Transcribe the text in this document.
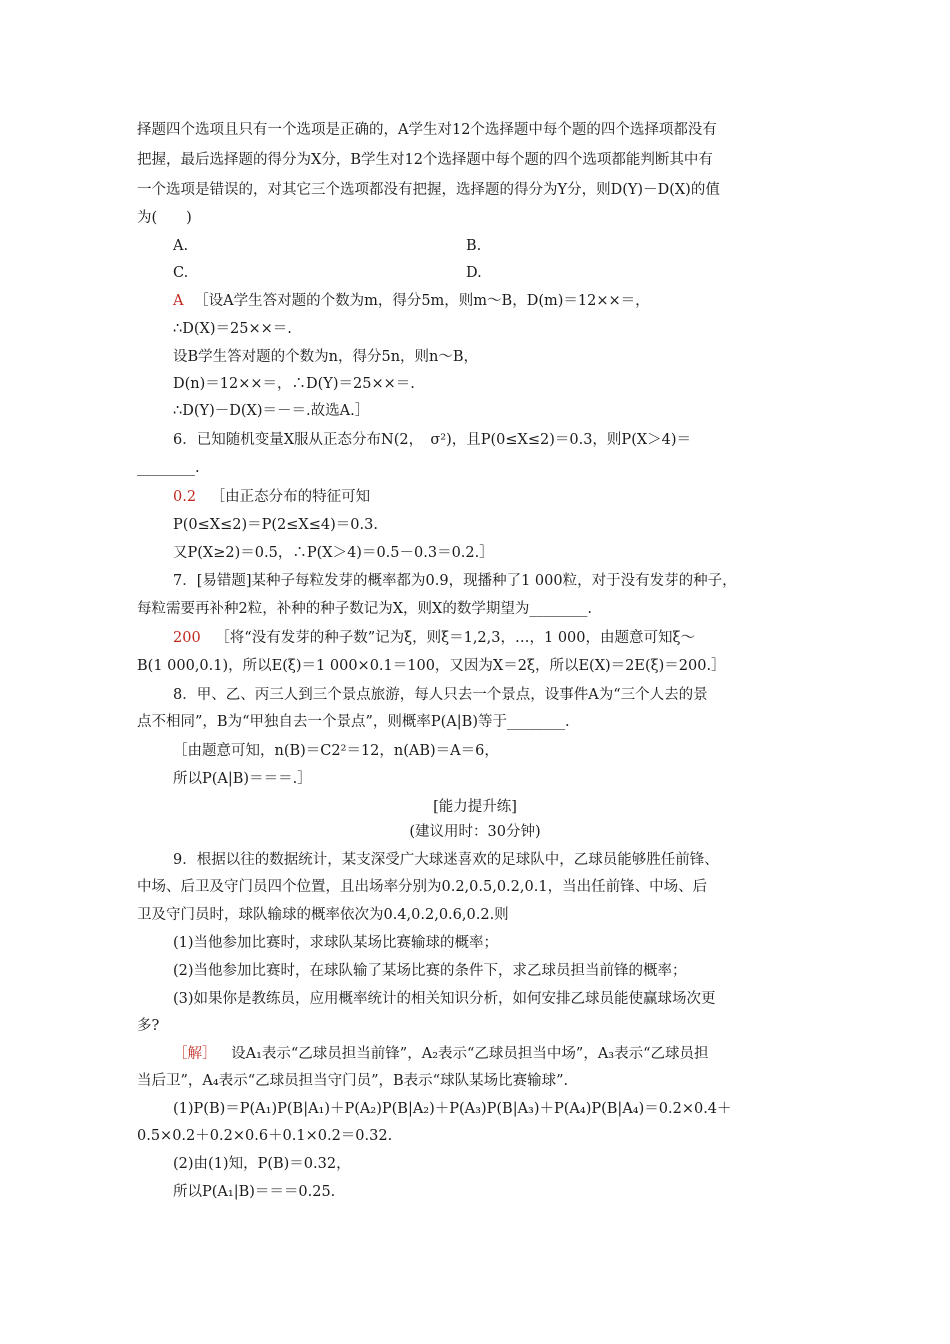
择题四个选项且只有一个选项是正确的，A学生对12个选择题中每个题的四个选择项都没有
把握，最后选择题的得分为X分，B学生对12个选择题中每个题的四个选项都能判断其中有
一个选项是错误的，对其它三个选项都没有把握，选择题的得分为Y分，则D(Y)－D(X)的值
为(　　)
A.	B.
C.	D.
A ［设A学生答对题的个数为m，得分5m，则m～B，D(m)＝12××＝，
∴D(X)＝25××＝.
设B学生答对题的个数为n，得分5n，则n～B，
D(n)＝12××＝，∴D(Y)＝25××＝.
∴D(Y)－D(X)＝－＝.故选A.］
6．已知随机变量X服从正态分布N(2，　σ²)，且P(0≤X≤2)＝0.3，则P(X＞4)＝
________.
0.2 ［由正态分布的特征可知
P(0≤X≤2)＝P(2≤X≤4)＝0.3.
又P(X≥2)＝0.5，∴P(X＞4)＝0.5－0.3＝0.2.］
7．[易错题]某种子每粒发芽的概率都为0.9，现播种了1 000粒，对于没有发芽的种子，
每粒需要再补种2粒，补种的种子数记为X，则X的数学期望为________.
200 ［将“没有发芽的种子数”记为ξ，则ξ＝1,2,3，…，1 000，由题意可知ξ～
B(1 000,0.1)，所以E(ξ)＝1 000×0.1＝100，又因为X＝2ξ，所以E(X)＝2E(ξ)＝200.］
8．甲、乙、丙三人到三个景点旅游，每人只去一个景点，设事件A为“三个人去的景
点不相同”，B为“甲独自去一个景点”，则概率P(A|B)等于________.
［由题意可知，n(B)＝C2²＝12，n(AB)＝A＝6，
所以P(A|B)＝＝＝.］
[能力提升练]
(建议用时：30分钟)
9．根据以往的数据统计，某支深受广大球迷喜欢的足球队中，乙球员能够胜任前锋、
中场、后卫及守门员四个位置，且出场率分别为0.2,0.5,0.2,0.1，当出任前锋、中场、后
卫及守门员时，球队输球的概率依次为0.4,0.2,0.6,0.2.则
(1)当他参加比赛时，求球队某场比赛输球的概率；
(2)当他参加比赛时，在球队输了某场比赛的条件下，求乙球员担当前锋的概率；
(3)如果你是教练员，应用概率统计的相关知识分析，如何安排乙球员能使赢球场次更
多?
［解］ 设A₁表示“乙球员担当前锋”，A₂表示“乙球员担当中场”，A₃表示“乙球员担
当后卫”，A₄表示“乙球员担当守门员”，B表示“球队某场比赛输球”.
(1)P(B)＝P(A₁)P(B|A₁)＋P(A₂)P(B|A₂)＋P(A₃)P(B|A₃)＋P(A₄)P(B|A₄)＝0.2×0.4＋
0.5×0.2＋0.2×0.6＋0.1×0.2＝0.32.
(2)由(1)知，P(B)＝0.32，
所以P(A₁|B)＝＝＝0.25.
